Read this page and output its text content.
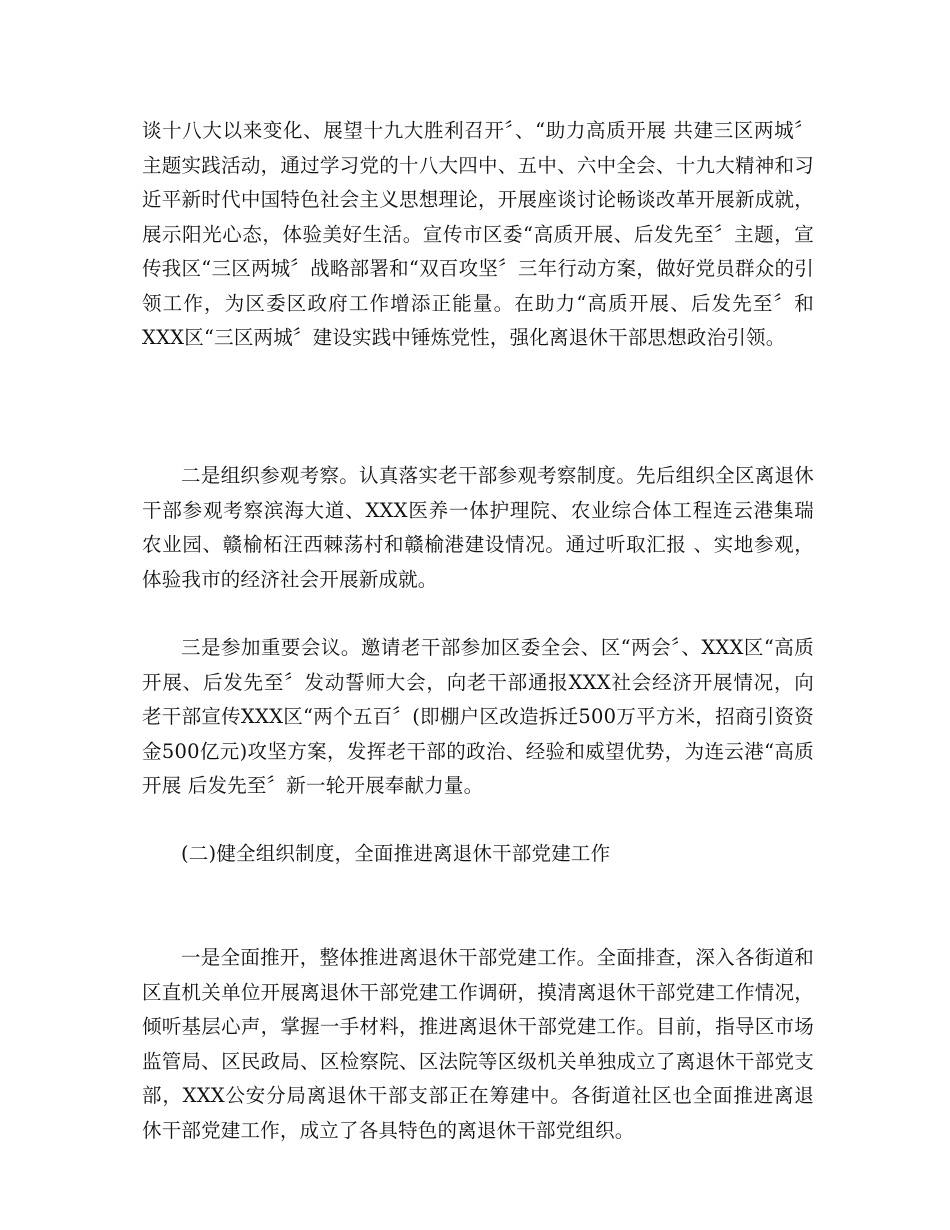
谈十八大以来变化、展望十九大胜利召开〞、“助力高质开展 共建三区两城〞主题实践活动，通过学习党的十八大四中、五中、六中全会、十九大精神和习近平新时代中国特色社会主义思想理论，开展座谈讨论畅谈改革开展新成就，展示阳光心态，体验美好生活。宣传市区委“高质开展、后发先至〞主题，宣传我区“三区两城〞战略部署和“双百攻坚〞三年行动方案，做好党员群众的引领工作，为区委区政府工作增添正能量。在助力“高质开展、后发先至〞和XXX区“三区两城〞建设实践中锤炼党性，强化离退休干部思想政治引领。

二是组织参观考察。认真落实老干部参观考察制度。先后组织全区离退休干部参观考察滨海大道、XXX医养一体护理院、农业综合体工程连云港集瑞农业园、赣榆柘汪西棘荡村和赣榆港建设情况。通过听取汇报 、实地参观，体验我市的经济社会开展新成就。

三是参加重要会议。邀请老干部参加区委全会、区“两会〞、XXX区“高质开展、后发先至〞发动誓师大会，向老干部通报XXX社会经济开展情况，向老干部宣传XXX区“两个五百〞(即棚户区改造拆迁500万平方米，招商引资资金500亿元)攻坚方案，发挥老干部的政治、经验和威望优势，为连云港“高质开展 后发先至〞新一轮开展奉献力量。

(二)健全组织制度，全面推进离退休干部党建工作

一是全面推开，整体推进离退休干部党建工作。全面排查，深入各街道和区直机关单位开展离退休干部党建工作调研，摸清离退休干部党建工作情况，倾听基层心声，掌握一手材料，推进离退休干部党建工作。目前，指导区市场监管局、区民政局、区检察院、区法院等区级机关单独成立了离退休干部党支部，XXX公安分局离退休干部支部正在筹建中。各街道社区也全面推进离退休干部党建工作，成立了各具特色的离退休干部党组织。
